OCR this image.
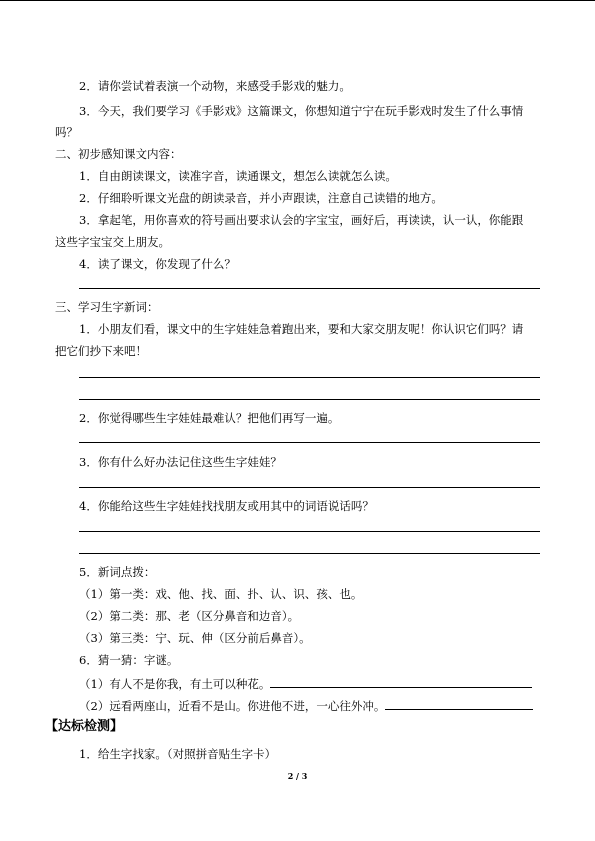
2．请你尝试着表演一个动物，来感受手影戏的魅力。
3．今天，我们要学习《手影戏》这篇课文，你想知道宁宁在玩手影戏时发生了什么事情
吗？
二、初步感知课文内容：
1．自由朗读课文，读准字音，读通课文，想怎么读就怎么读。
2．仔细聆听课文光盘的朗读录音，并小声跟读，注意自己读错的地方。
3．拿起笔，用你喜欢的符号画出要求认会的字宝宝，画好后，再读读，认一认，你能跟
这些字宝宝交上朋友。
4．读了课文，你发现了什么？
三、学习生字新词：
1．小朋友们看，课文中的生字娃娃急着跑出来，要和大家交朋友呢！你认识它们吗？请
把它们抄下来吧！
2．你觉得哪些生字娃娃最难认？把他们再写一遍。
3．你有什么好办法记住这些生字娃娃？
4．你能给这些生字娃娃找找朋友或用其中的词语说话吗？
5．新词点拨：
（1）第一类：戏、他、找、面、扑、认、识、孩、也。
（2）第二类：那、老（区分鼻音和边音）。
（3）第三类：宁、玩、伸（区分前后鼻音）。
6．猜一猜：字谜。
（1）有人不是你我，有土可以种花。
（2）远看两座山，近看不是山。你进他不进，一心往外冲。
【达标检测】
1．给生字找家。（对照拼音贴生字卡）
2 / 3
